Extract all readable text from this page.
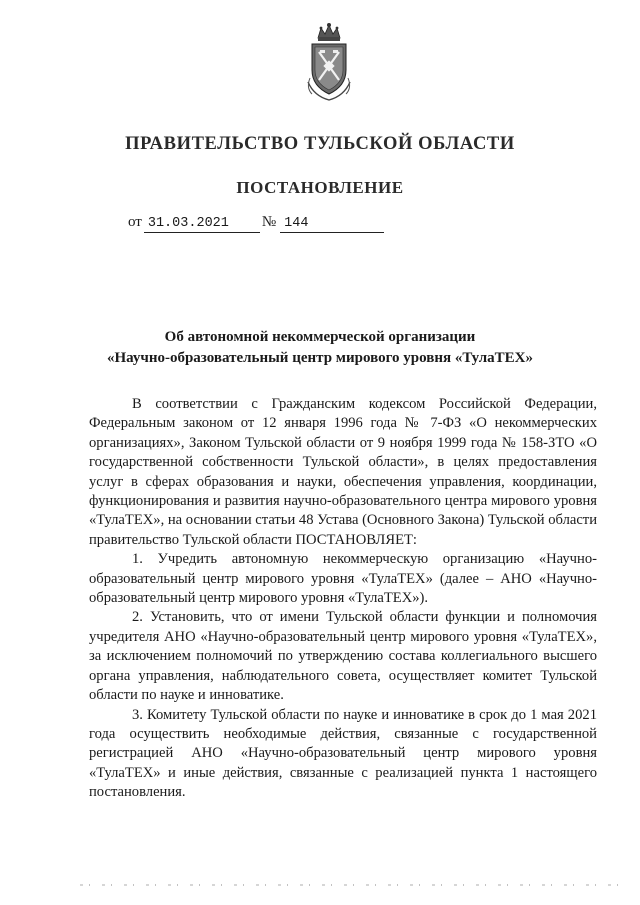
ПРАВИТЕЛЬСТВО ТУЛЬСКОЙ ОБЛАСТИ
ПОСТАНОВЛЕНИЕ
от 31.03.2021 № 144
Об автономной некоммерческой организации
«Научно-образовательный центр мирового уровня «ТулаТЕХ»

В соответствии с Гражданским кодексом Российской Федерации, Федеральным законом от 12 января 1996 года № 7-ФЗ «О некоммерческих организациях», Законом Тульской области от 9 ноября 1999 года № 158-ЗТО «О государственной собственности Тульской области», в целях предоставления услуг в сферах образования и науки, обеспечения управления, координации, функционирования и развития научно-образовательного центра мирового уровня «ТулаТЕХ», на основании статьи 48 Устава (Основного Закона) Тульской области правительство Тульской области ПОСТАНОВЛЯЕТ:

1. Учредить автономную некоммерческую организацию «Научно-образовательный центр мирового уровня «ТулаТЕХ» (далее – АНО «Научно-образовательный центр мирового уровня «ТулаТЕХ»).

2. Установить, что от имени Тульской области функции и полномочия учредителя АНО «Научно-образовательный центр мирового уровня «ТулаТЕХ», за исключением полномочий по утверждению состава коллегиального высшего органа управления, наблюдательного совета, осуществляет комитет Тульской области по науке и инноватике.

3. Комитету Тульской области по науке и инноватике в срок до 1 мая 2021 года осуществить необходимые действия, связанные с государственной регистрацией АНО «Научно-образовательный центр мирового уровня «ТулаТЕХ» и иные действия, связанные с реализацией пункта 1 настоящего постановления.
